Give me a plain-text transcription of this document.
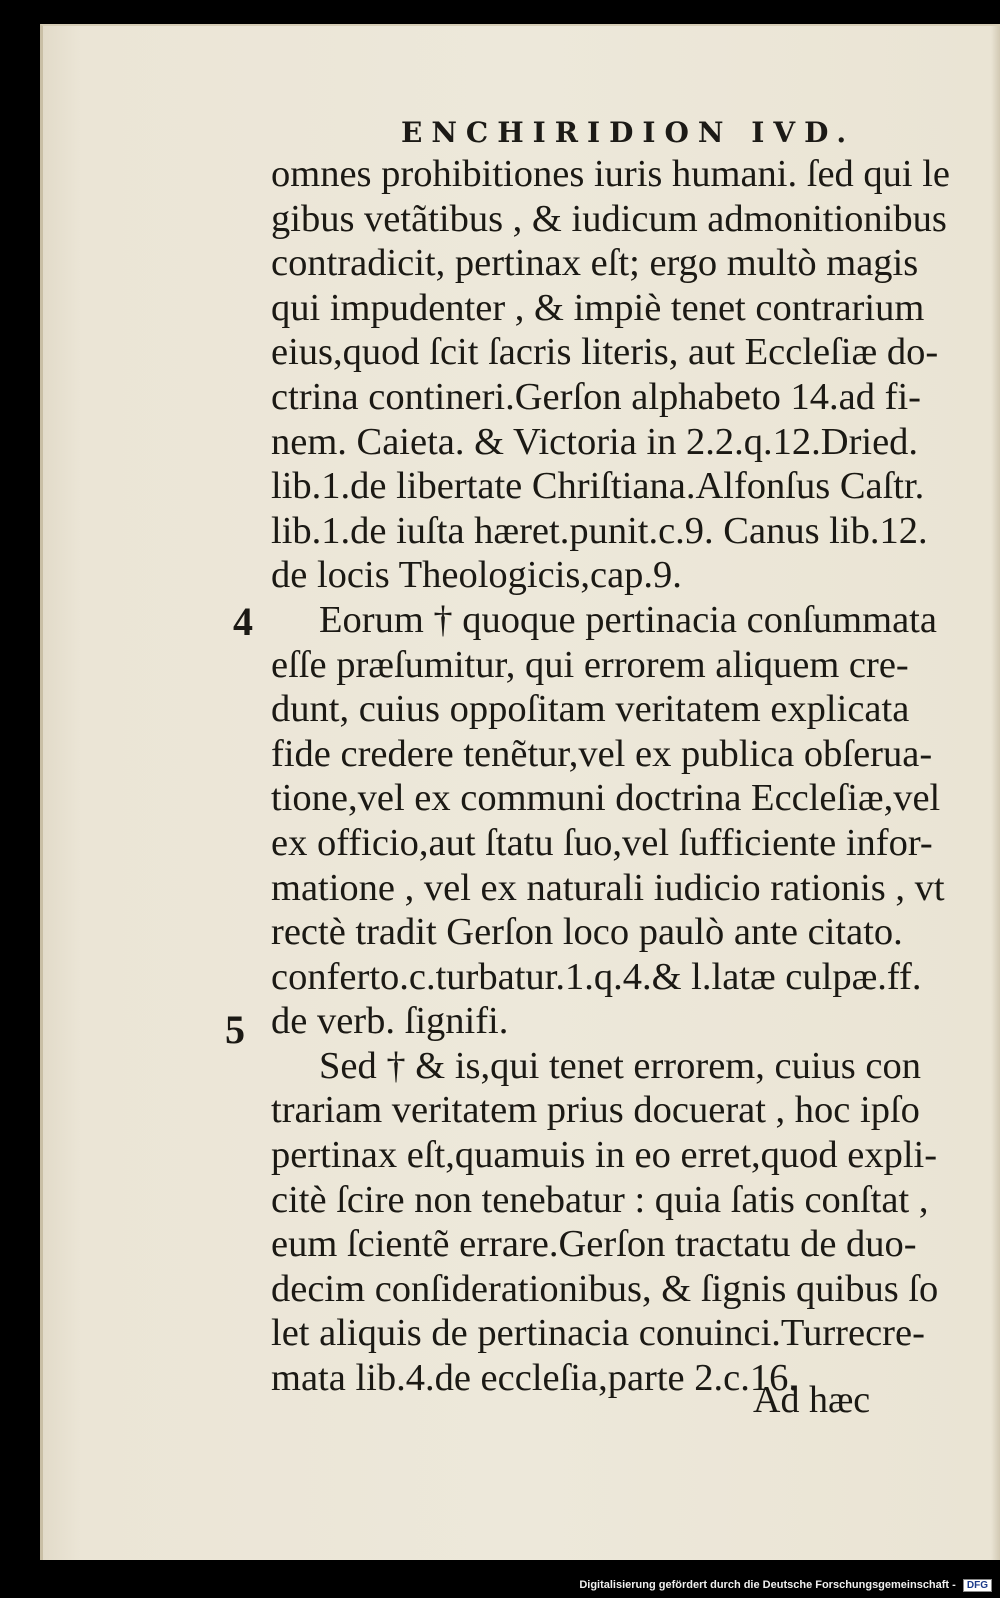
ENCHIRIDION IVD.
omnes prohibitiones iuris humani. ſed qui le
gibus vetãtibus , & iudicum admonitionibus
contradicit, pertinax eſt; ergo multò magis
qui impudenter , & impiè tenet contrarium
eius,quod ſcit ſacris literis, aut Eccleſiæ do-
ctrina contineri.Gerſon alphabeto 14.ad fi-
nem. Caieta. & Victoria in 2.2.q.12.Dried.
lib.1.de libertate Chriſtiana.Alfonſus Caſtr.
lib.1.de iuſta hæret.punit.c.9. Canus lib.12.
de locis Theologicis,cap.9.
Eorum † quoque pertinacia conſummata
eſſe præſumitur, qui errorem aliquem cre-
dunt, cuius oppoſitam veritatem explicata
fide credere tenẽtur,vel ex publica obſerua-
tione,vel ex communi doctrina Eccleſiæ,vel
ex officio,aut ſtatu ſuo,vel ſufficiente infor-
matione , vel ex naturali iudicio rationis , vt
rectè tradit Gerſon loco paulò ante citato.
conferto.c.turbatur.1.q.4.& l.latæ culpæ.ff.
de verb. ſignifi.
Sed † & is,qui tenet errorem, cuius con
trariam veritatem prius docuerat , hoc ipſo
pertinax eſt,quamuis in eo erret,quod expli-
citè ſcire non tenebatur : quia ſatis conſtat ,
eum ſcientẽ errare.Gerſon tractatu de duo-
decim conſiderationibus, & ſignis quibus ſo
let aliquis de pertinacia conuinci.Turrecre-
mata lib.4.de eccleſia,parte 2.c.16.
4
5
Ad hæc
Digitalisierung gefördert durch die Deutsche Forschungsgemeinschaft - DFG
